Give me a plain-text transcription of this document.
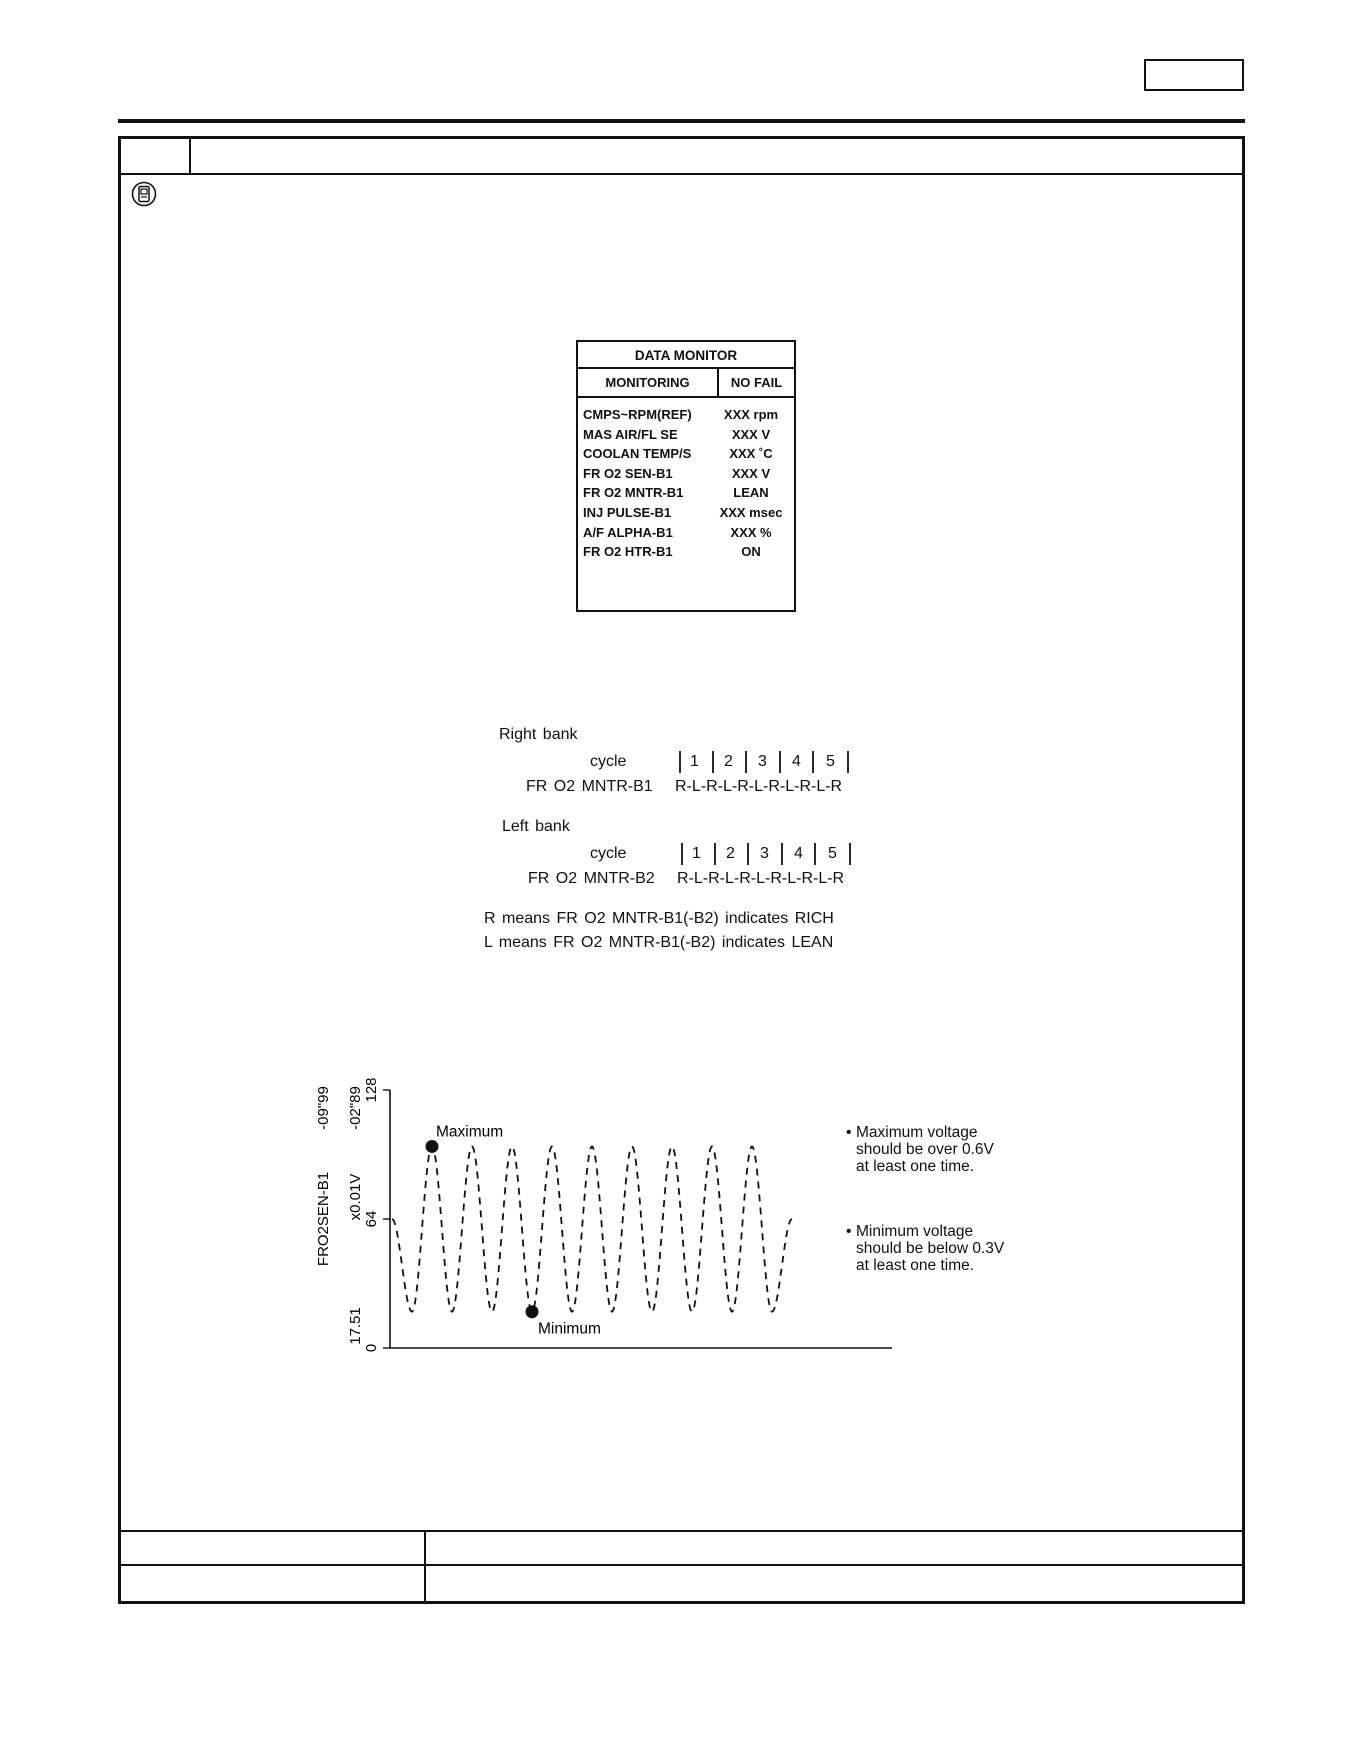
DATA MONITOR
MONITORING	NO FAIL
CMPS~RPM(REF)	XXX rpm
MAS AIR/FL SE	XXX V
COOLAN TEMP/S	XXX ˚C
FR O2 SEN-B1	XXX V
FR O2 MNTR-B1	LEAN
INJ PULSE-B1	XXX msec
A/F ALPHA-B1	XXX %
FR O2 HTR-B1	ON
Right bank
cycle	1 2 3 4 5
FR O2 MNTR-B1 R-L-R-L-R-L-R-L-R-L-R
Left bank
cycle	1 2 3 4 5
FR O2 MNTR-B2 R-L-R-L-R-L-R-L-R-L-R
R means FR O2 MNTR-B1(-B2) indicates RICH
L means FR O2 MNTR-B1(-B2) indicates LEAN
0
64
128
FRO2SEN-B1 x0.01V
17.51
-02"89
-09"99
Maximum
Minimum
• Maximum voltage
should be over 0.6V
at least one time.
• Minimum voltage
should be below 0.3V
at least one time.
